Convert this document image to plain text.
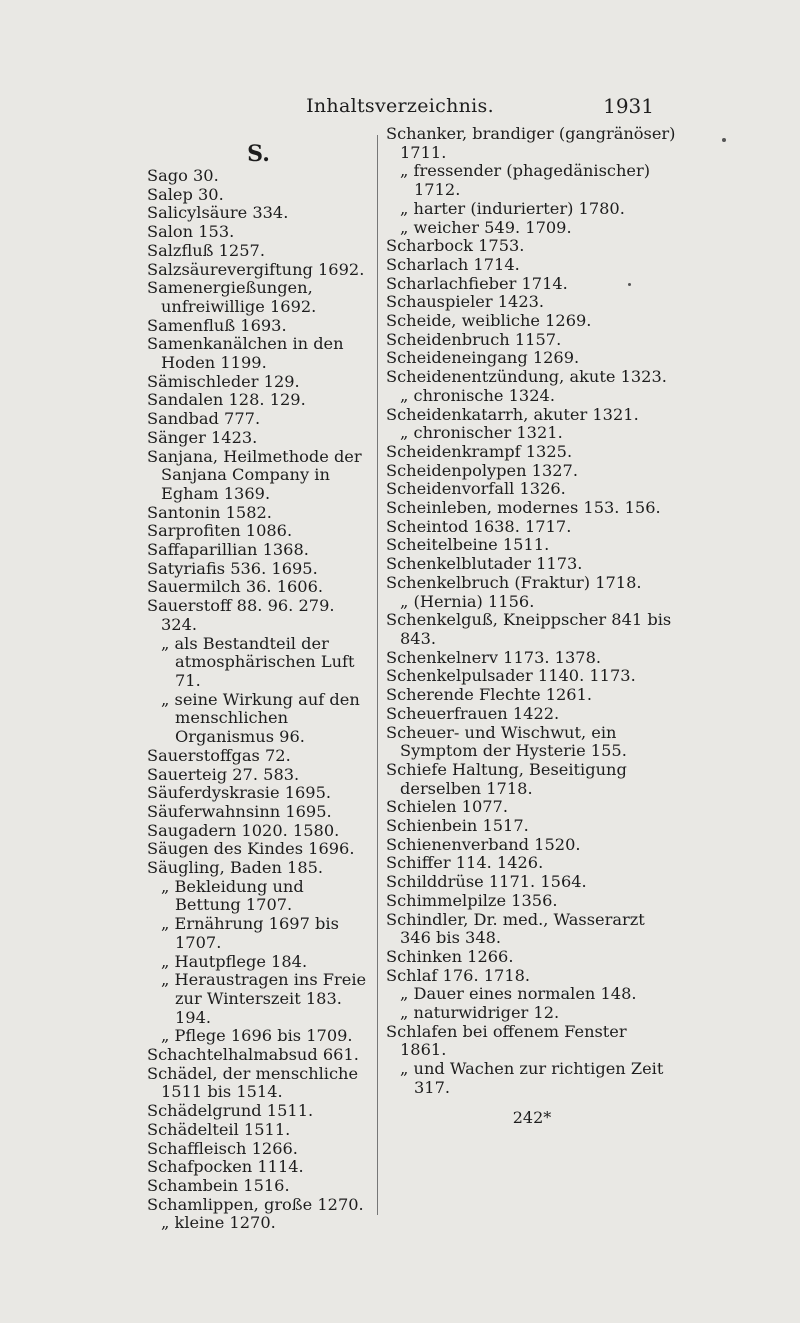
Inhaltsverzeichnis.	1931
S.
Sago 30.
Salep 30.
Salicylsäure 334.
Salon 153.
Salzfluß 1257.
Salzsäurevergiftung 1692.
Samenergießungen, unfreiwillige 1692.
Samenfluß 1693.
Samenkanälchen in den Hoden 1199.
Sämischleder 129.
Sandalen 128. 129.
Sandbad 777.
Sänger 1423.
Sanjana, Heilmethode der Sanjana Company in Egham 1369.
Santonin 1582.
Sarprofiten 1086.
Saffaparillian 1368.
Satyriafis 536. 1695.
Sauermilch 36. 1606.
Sauerstoff 88. 96. 279. 324.
„ als Bestandteil der atmosphärischen Luft 71.
„ seine Wirkung auf den menschlichen Organismus 96.
Sauerstoffgas 72.
Sauerteig 27. 583.
Säuferdyskrasie 1695.
Säuferwahnsinn 1695.
Saugadern 1020. 1580.
Säugen des Kindes 1696.
Säugling, Baden 185.
„ Bekleidung und Bettung 1707.
„ Ernährung 1697 bis 1707.
„ Hautpflege 184.
„ Heraustragen ins Freie zur Winterszeit 183. 194.
„ Pflege 1696 bis 1709.
Schachtelhalmabsud 661.
Schädel, der menschliche 1511 bis 1514.
Schädelgrund 1511.
Schädelteil 1511.
Schaffleisch 1266.
Schafpocken 1114.
Schambein 1516.
Schamlippen, große 1270.
„ kleine 1270.
Schanker, brandiger (gangränöser) 1711.
„ fressender (phagedänischer) 1712.
„ harter (indurierter) 1780.
„ weicher 549. 1709.
Scharbock 1753.
Scharlach 1714.
Scharlachfieber 1714.
Schauspieler 1423.
Scheide, weibliche 1269.
Scheidenbruch 1157.
Scheideneingang 1269.
Scheidenentzündung, akute 1323.
„ chronische 1324.
Scheidenkatarrh, akuter 1321.
„ chronischer 1321.
Scheidenkrampf 1325.
Scheidenpolypen 1327.
Scheidenvorfall 1326.
Scheinleben, modernes 153. 156.
Scheintod 1638. 1717.
Scheitelbeine 1511.
Schenkelblutader 1173.
Schenkelbruch (Fraktur) 1718.
„ (Hernia) 1156.
Schenkelguß, Kneippscher 841 bis 843.
Schenkelnerv 1173. 1378.
Schenkelpulsader 1140. 1173.
Scherende Flechte 1261.
Scheuerfrauen 1422.
Scheuer- und Wischwut, ein Symptom der Hysterie 155.
Schiefe Haltung, Beseitigung derselben 1718.
Schielen 1077.
Schienbein 1517.
Schienenverband 1520.
Schiffer 114. 1426.
Schilddrüse 1171. 1564.
Schimmelpilze 1356.
Schindler, Dr. med., Wasserarzt 346 bis 348.
Schinken 1266.
Schlaf 176. 1718.
„ Dauer eines normalen 148.
„ naturwidriger 12.
Schlafen bei offenem Fenster 1861.
„ und Wachen zur richtigen Zeit 317.
242*
